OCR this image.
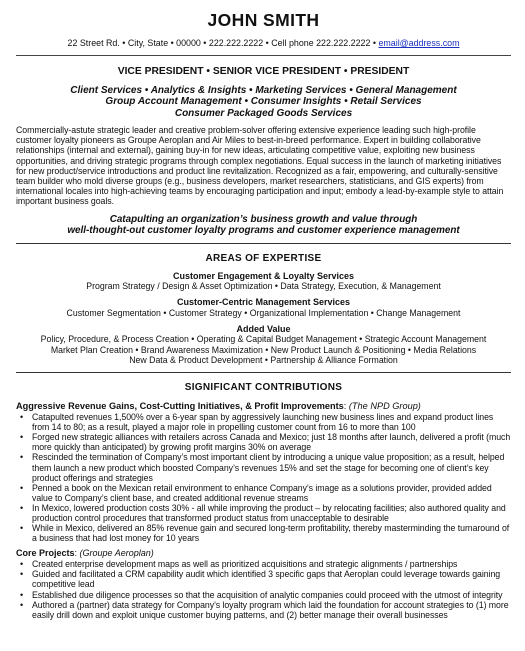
JOHN SMITH
22 Street Rd. • City, State • 00000 • 222.222.2222 • Cell phone 222.222.2222 • email@address.com
VICE PRESIDENT • SENIOR VICE PRESIDENT • PRESIDENT
Client Services • Analytics & Insights • Marketing Services • General Management
Group Account Management • Consumer Insights • Retail Services
Consumer Packaged Goods Services
Commercially-astute strategic leader and creative problem-solver offering extensive experience leading such high-profile customer loyalty pioneers as Groupe Aeroplan and Air Miles to best-in-breed performance. Expert in building collaborative relationships (internal and external), gaining buy-in for new ideas, articulating competitive value, exploiting new business opportunities, and driving strategic programs through complex negotiations. Equal success in the launch of marketing initiatives for new product/service introductions and product line revitalization. Recognized as a fair, empowering, and culturally-sensitive team builder who mold diverse groups (e.g., business developers, market researchers, statisticians, and GIS experts) from international locales into high-achieving teams by encouraging participation and input; embody a lead-by-example style to attain important business goals.
Catapulting an organization’s business growth and value through
well-thought-out customer loyalty programs and customer experience management
AREAS OF EXPERTISE
Customer Engagement & Loyalty Services
Program Strategy / Design & Asset Optimization • Data Strategy, Execution, & Management
Customer-Centric Management Services
Customer Segmentation • Customer Strategy • Organizational Implementation • Change Management
Added Value
Policy, Procedure, & Process Creation • Operating & Capital Budget Management • Strategic Account Management
Market Plan Creation • Brand Awareness Maximization • New Product Launch & Positioning • Media Relations
New Data & Product Development • Partnership & Alliance Formation
SIGNIFICANT CONTRIBUTIONS
Aggressive Revenue Gains, Cost-Cutting Initiatives, & Profit Improvements: (The NPD Group)
• Catapulted revenues 1,500% over a 6-year span by aggressively launching new business lines and expand product lines from 14 to 80; as a result, played a major role in propelling customer count from 16 to more than 100
• Forged new strategic alliances with retailers across Canada and Mexico; just 18 months after launch, delivered a profit (much more quickly than anticipated) by growing profit margins 30% on average
• Rescinded the termination of Company’s most important client by introducing a unique value proposition; as a result, helped them launch a new product which boosted Company’s revenues 15% and set the stage for becoming one of client’s key product offerings and strategies
• Penned a book on the Mexican retail environment to enhance Company’s image as a solutions provider, provided added value to Company’s client base, and created additional revenue streams
• In Mexico, lowered production costs 30% - all while improving the product – by relocating facilities; also authored quality and production control procedures that transformed product status from unacceptable to desirable
• While in Mexico, delivered an 85% revenue gain and secured long-term profitability, thereby masterminding the turnaround of a business that had lost money for 10 years
Core Projects: (Groupe Aeroplan)
• Created enterprise development maps as well as prioritized acquisitions and strategic alignments / partnerships
• Guided and facilitated a CRM capability audit which identified 3 specific gaps that Aeroplan could leverage towards gaining competitive lead
• Established due diligence processes so that the acquisition of analytic companies could proceed with the utmost of integrity
• Authored a (partner) data strategy for Company’s loyalty program which laid the foundation for account strategies to (1) more easily drill down and exploit unique customer buying patterns, and (2) better manage their overall businesses
